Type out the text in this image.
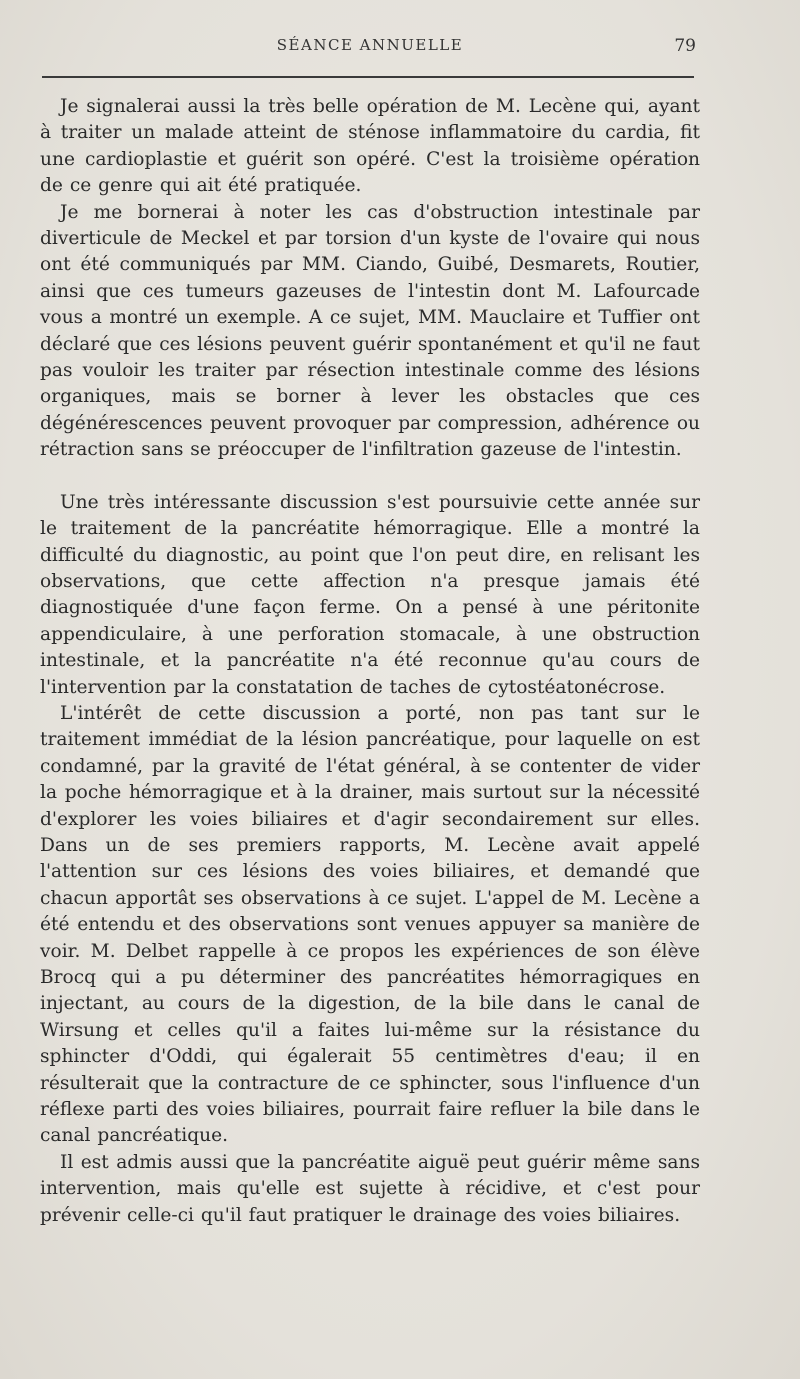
SÉANCE ANNUELLE	79

Je signalerai aussi la très belle opération de M. Lecène qui, ayant à traiter un malade atteint de sténose inflammatoire du cardia, fit une cardioplastie et guérit son opéré. C'est la troisième opération de ce genre qui ait été pratiquée.

Je me bornerai à noter les cas d'obstruction intestinale par diverticule de Meckel et par torsion d'un kyste de l'ovaire qui nous ont été communiqués par MM. Ciando, Guibé, Desmarets, Routier, ainsi que ces tumeurs gazeuses de l'intestin dont M. Lafourcade vous a montré un exemple. A ce sujet, MM. Mauclaire et Tuffier ont déclaré que ces lésions peuvent guérir spontanément et qu'il ne faut pas vouloir les traiter par résection intestinale comme des lésions organiques, mais se borner à lever les obstacles que ces dégénérescences peuvent provoquer par compression, adhérence ou rétraction sans se préoccuper de l'infiltration gazeuse de l'intestin.

Une très intéressante discussion s'est poursuivie cette année sur le traitement de la pancréatite hémorragique. Elle a montré la difficulté du diagnostic, au point que l'on peut dire, en relisant les observations, que cette affection n'a presque jamais été diagnostiquée d'une façon ferme. On a pensé à une péritonite appendiculaire, à une perforation stomacale, à une obstruction intestinale, et la pancréatite n'a été reconnue qu'au cours de l'intervention par la constatation de taches de cytostéatonécrose.

L'intérêt de cette discussion a porté, non pas tant sur le traitement immédiat de la lésion pancréatique, pour laquelle on est condamné, par la gravité de l'état général, à se contenter de vider la poche hémorragique et à la drainer, mais surtout sur la nécessité d'explorer les voies biliaires et d'agir secondairement sur elles. Dans un de ses premiers rapports, M. Lecène avait appelé l'attention sur ces lésions des voies biliaires, et demandé que chacun apportât ses observations à ce sujet. L'appel de M. Lecène a été entendu et des observations sont venues appuyer sa manière de voir. M. Delbet rappelle à ce propos les expériences de son élève Brocq qui a pu déterminer des pancréatites hémorragiques en injectant, au cours de la digestion, de la bile dans le canal de Wirsung et celles qu'il a faites lui-même sur la résistance du sphincter d'Oddi, qui égalerait 55 centimètres d'eau; il en résulterait que la contracture de ce sphincter, sous l'influence d'un réflexe parti des voies biliaires, pourrait faire refluer la bile dans le canal pancréatique.

Il est admis aussi que la pancréatite aiguë peut guérir même sans intervention, mais qu'elle est sujette à récidive, et c'est pour prévenir celle-ci qu'il faut pratiquer le drainage des voies biliaires.
